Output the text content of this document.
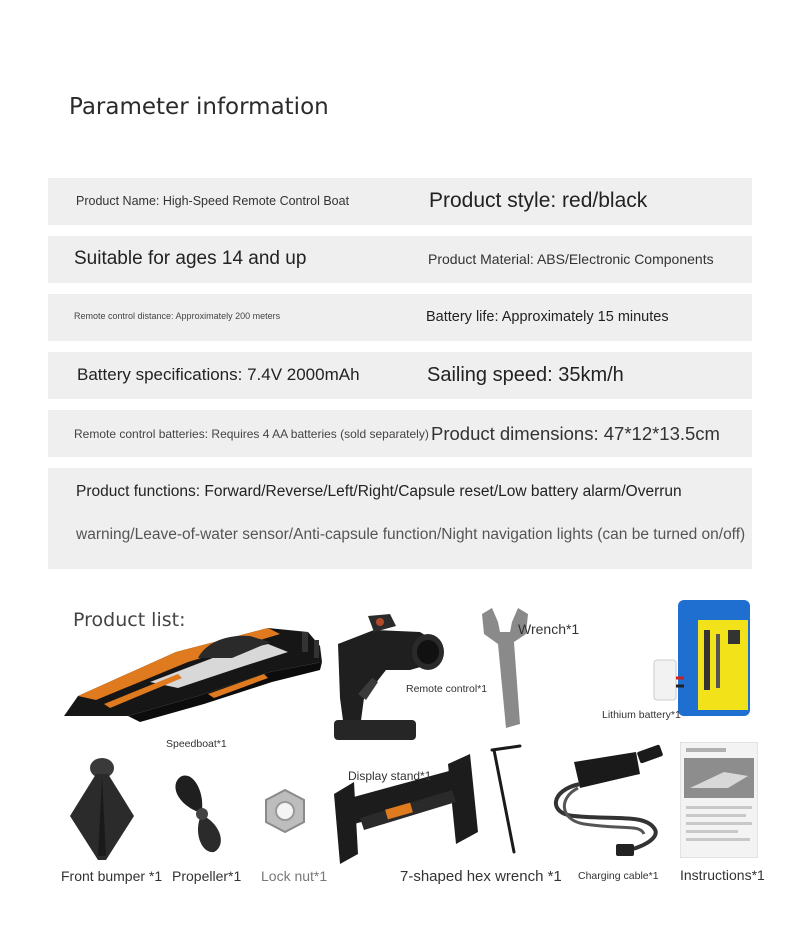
Parameter information
Product Name: High-Speed Remote Control Boat	Product style: red/black
Suitable for ages 14 and up	Product Material: ABS/Electronic Components
Remote control distance: Approximately 200 meters	Battery life: Approximately 15 minutes
Battery specifications: 7.4V 2000mAh	Sailing speed: 35km/h
Remote control batteries: Requires 4 AA batteries (sold separately) Product dimensions: 47*12*13.5cm
Product functions: Forward/Reverse/Left/Right/Capsule reset/Low battery alarm/Overrun
warning/Leave-of-water sensor/Anti-capsule function/Night navigation lights (can be turned on/off)
Product list:
Speedboat*1
Remote control*1
Wrench*1
Lithium battery*1
Front bumper *1 Propeller*1 Lock nut*1
Display stand*1
7-shaped hex wrench *1 Charging cable*1 Instructions*1
